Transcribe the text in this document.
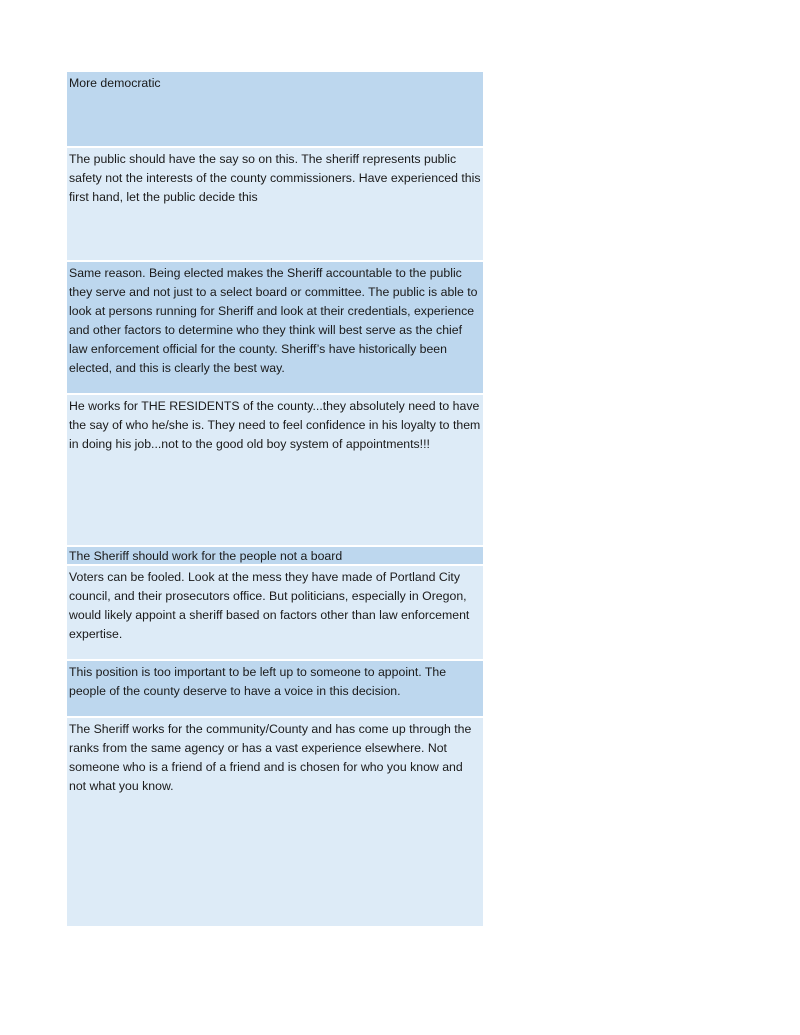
More democratic
The public should have the say so on this. The sheriff represents public safety not the interests of the county commissioners. Have experienced this first hand, let the public decide this
Same reason. Being elected makes the Sheriff accountable to the public they serve and not just to a select board or committee. The public is able to look at persons running for Sheriff and look at their credentials, experience and other factors to determine who they think will best serve as the chief law enforcement official for the county. Sheriff’s have historically been elected, and this is clearly the best way.
He works for THE RESIDENTS of the county...they absolutely need to have the say of who he/she is. They need to feel confidence in his loyalty to them in doing his job...not to the good old boy system of appointments!!!
The Sheriff should work for the people not a board
Voters can be fooled. Look at the mess they have made of Portland City council, and their prosecutors office. But politicians, especially in Oregon, would likely appoint a sheriff based on factors other than law enforcement expertise.
This position is too important to be left up to someone to appoint. The people of the county deserve to have a voice in this decision.
The Sheriff works for the community/County and has come up through the ranks from the same agency or has a vast experience elsewhere. Not someone who is a friend of a friend and is chosen for who you know and not what you know.
